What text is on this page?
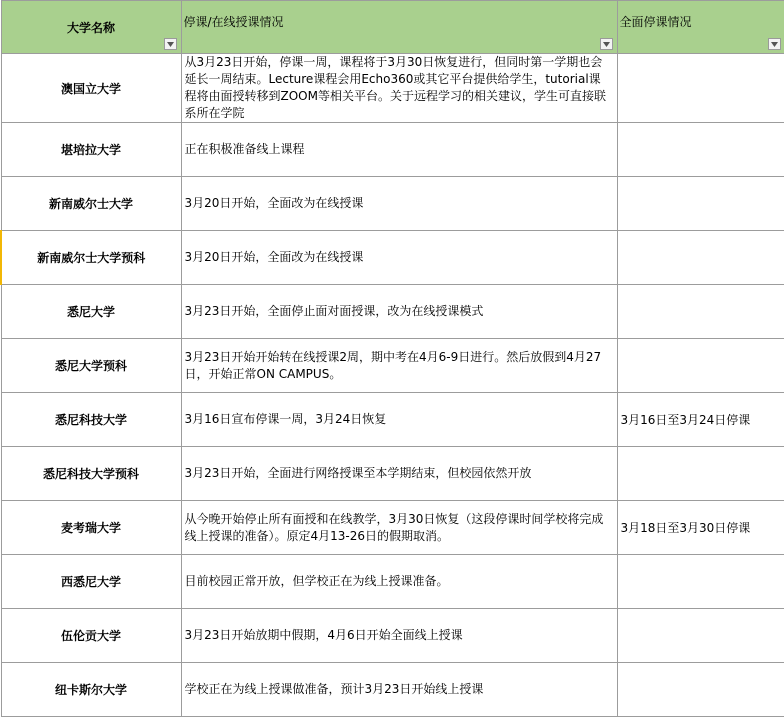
大学名称	停课/在线授课情况	全面停课情况

澳国立大学	从3月23日开始，停课一周，课程将于3月30日恢复进行，但同时第一学期也会延长一周结束。Lecture课程会用Echo360或其它平台提供给学生，tutorial课程将由面授转移到ZOOM等相关平台。关于远程学习的相关建议，学生可直接联系所在学院	
堪培拉大学	正在积极准备线上课程	
新南威尔士大学	3月20日开始，全面改为在线授课	
新南威尔士大学预科	3月20日开始，全面改为在线授课	
悉尼大学	3月23日开始，全面停止面对面授课，改为在线授课模式	
悉尼大学预科	3月23日开始开始转在线授课2周，期中考在4月6-9日进行。然后放假到4月27日，开始正常ON CAMPUS。	
悉尼科技大学	3月16日宣布停课一周，3月24日恢复	3月16日至3月24日停课
悉尼科技大学预科	3月23日开始，全面进行网络授课至本学期结束，但校园依然开放	
麦考瑞大学	从今晚开始停止所有面授和在线教学，3月30日恢复（这段停课时间学校将完成线上授课的准备）。原定4月13-26日的假期取消。	3月18日至3月30日停课
西悉尼大学	目前校园正常开放，但学校正在为线上授课准备。	
伍伦贡大学	3月23日开始放期中假期，4月6日开始全面线上授课	
纽卡斯尔大学	学校正在为线上授课做准备，预计3月23日开始线上授课	
